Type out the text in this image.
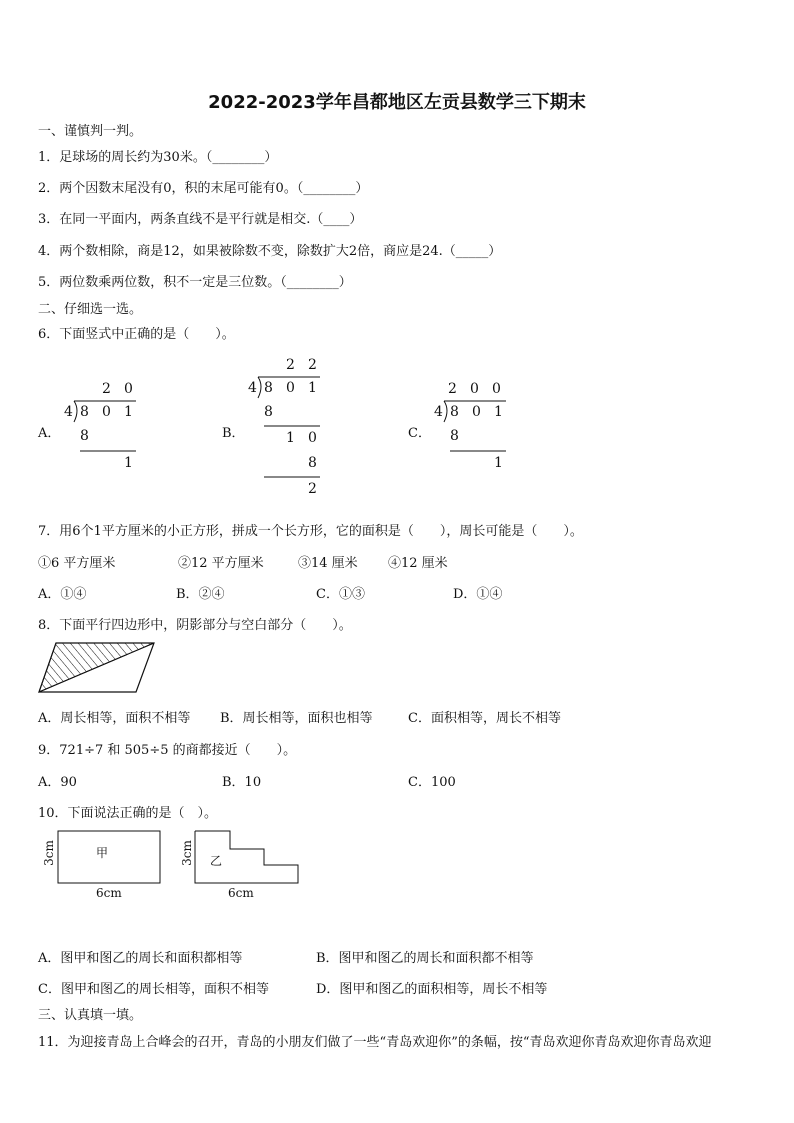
2022-2023学年昌都地区左贡县数学三下期末
一、谨慎判一判。
1．足球场的周长约为30米。（________）
2．两个因数末尾没有0，积的末尾可能有0。（________）
3．在同一平面内，两条直线不是平行就是相交.（____）
4．两个数相除，商是12，如果被除数不变，除数扩大2倍，商应是24.（_____）
5．两位数乘两位数，积不一定是三位数。（________）
二、仔细选一选。
6．下面竖式中正确的是（　　）。
A．
2 0
4 8 0 1
8
1
B．
2 2
4 8 0 1
8
1 0
8
2
C．
2 0 0
4 8 0 1
8
1
7．用6个1平方厘米的小正方形，拼成一个长方形，它的面积是（　　），周长可能是（　　）。
①6 平方厘米	②12 平方厘米	③14 厘米 ④12 厘米
A．①④	B．②④	C．①③	D．①④
8．下面平行四边形中，阴影部分与空白部分（　　）。
A．周长相等，面积不相等 B．周长相等，面积也相等	C．面积相等，周长不相等
9．721÷7 和 505÷5 的商都接近（　　）。
A．90	B．10	C．100
10．下面说法正确的是（　）。
甲
3cm
6cm
乙
3cm
6cm
A．图甲和图乙的周长和面积都相等	B．图甲和图乙的周长和面积都不相等
C．图甲和图乙的周长相等，面积不相等	D．图甲和图乙的面积相等，周长不相等
三、认真填一填。
11．为迎接青岛上合峰会的召开，青岛的小朋友们做了一些“青岛欢迎你”的条幅，按“青岛欢迎你青岛欢迎你青岛欢迎
